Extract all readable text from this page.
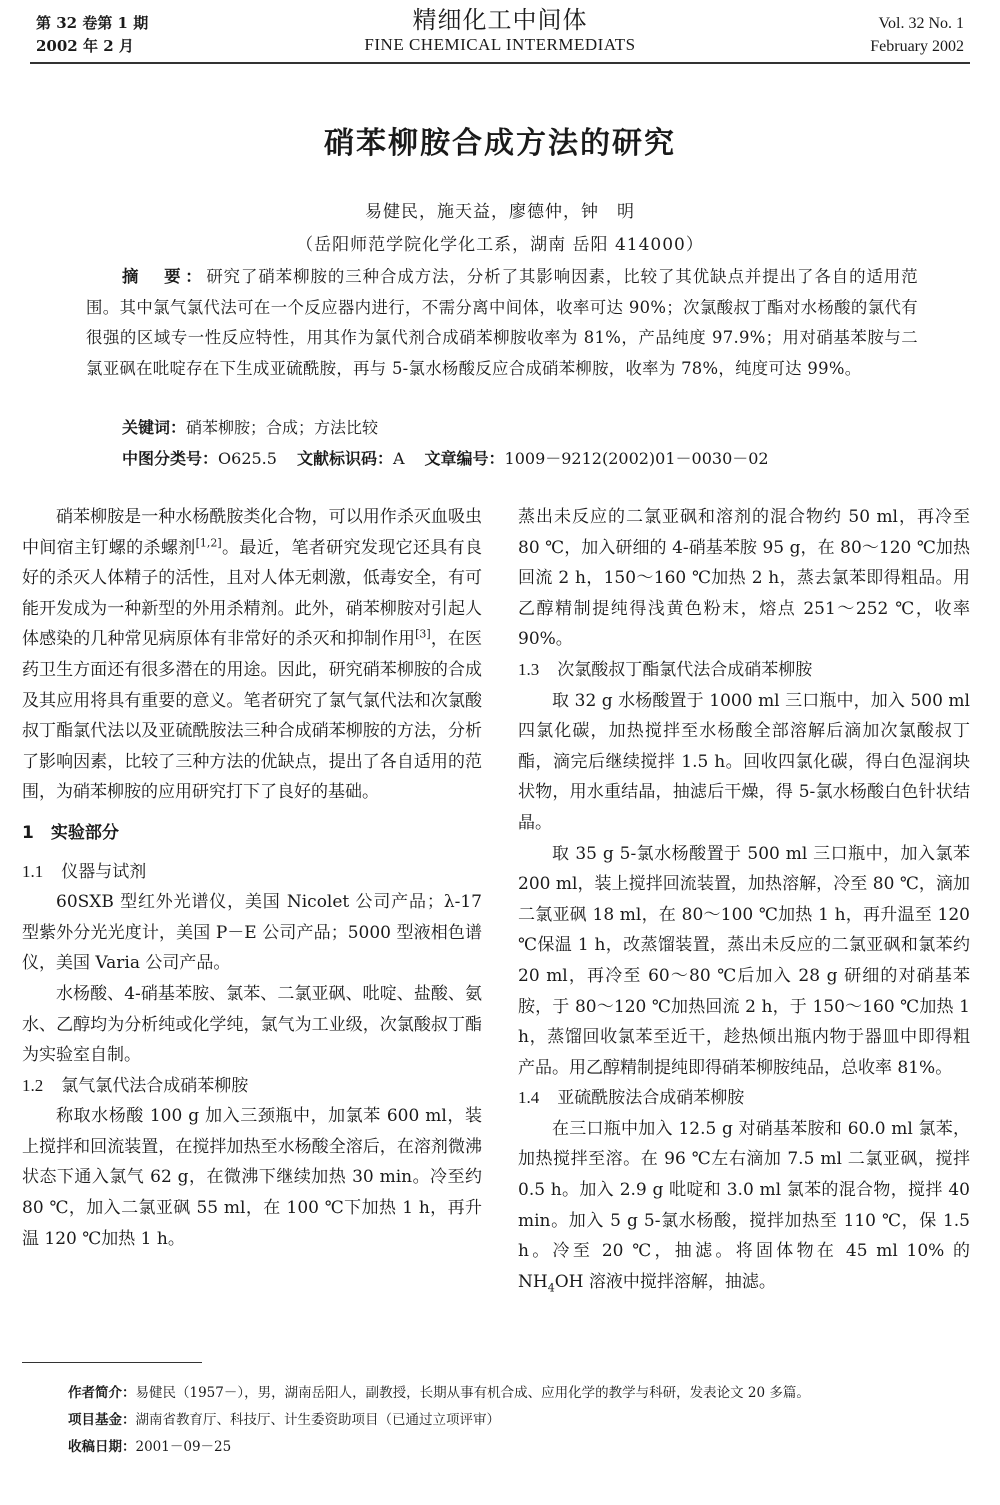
第 32 卷第 1 期
2002 年 2 月
精细化工中间体
FINE CHEMICAL INTERMEDIATS
Vol. 32 No. 1
February 2002
硝苯柳胺合成方法的研究
易健民，施天益，廖德仲，钟　明
（岳阳师范学院化学化工系，湖南 岳阳 414000）
摘　要：研究了硝苯柳胺的三种合成方法，分析了其影响因素，比较了其优缺点并提出了各自的适用范围。其中氯气氯代法可在一个反应器内进行，不需分离中间体，收率可达 90%；次氯酸叔丁酯对水杨酸的氯代有很强的区域专一性反应特性，用其作为氯代剂合成硝苯柳胺收率为 81%，产品纯度 97.9%；用对硝基苯胺与二氯亚砜在吡啶存在下生成亚硫酰胺，再与 5-氯水杨酸反应合成硝苯柳胺，收率为 78%，纯度可达 99%。
关键词：硝苯柳胺；合成；方法比较
中图分类号：O625.5 文献标识码：A 文章编号：1009－9212(2002)01－0030－02

硝苯柳胺是一种水杨酰胺类化合物，可以用作杀灭血吸虫中间宿主钉螺的杀螺剂[1,2]。最近，笔者研究发现它还具有良好的杀灭人体精子的活性，且对人体无刺激，低毒安全，有可能开发成为一种新型的外用杀精剂。此外，硝苯柳胺对引起人体感染的几种常见病原体有非常好的杀灭和抑制作用[3]，在医药卫生方面还有很多潜在的用途。因此，研究硝苯柳胺的合成及其应用将具有重要的意义。笔者研究了氯气氯代法和次氯酸叔丁酯氯代法以及亚硫酰胺法三种合成硝苯柳胺的方法，分析了影响因素，比较了三种方法的优缺点，提出了各自适用的范围，为硝苯柳胺的应用研究打下了良好的基础。

1　实验部分
1.1 仪器与试剂

60SXB 型红外光谱仪，美国 Nicolet 公司产品；λ-17 型紫外分光光度计，美国 P－E 公司产品；5000 型液相色谱仪，美国 Varia 公司产品。

水杨酸、4-硝基苯胺、氯苯、二氯亚砜、吡啶、盐酸、氨水、乙醇均为分析纯或化学纯，氯气为工业级，次氯酸叔丁酯为实验室自制。

1.2 氯气氯代法合成硝苯柳胺

称取水杨酸 100 g 加入三颈瓶中，加氯苯 600 ml，装上搅拌和回流装置，在搅拌加热至水杨酸全溶后，在溶剂微沸状态下通入氯气 62 g，在微沸下继续加热 30 min。冷至约 80 ℃，加入二氯亚砜 55 ml，在 100 ℃下加热 1 h，再升温 120 ℃加热 1 h。

蒸出未反应的二氯亚砜和溶剂的混合物约 50 ml，再冷至 80 ℃，加入研细的 4-硝基苯胺 95 g，在 80～120 ℃加热回流 2 h，150～160 ℃加热 2 h，蒸去氯苯即得粗品。用乙醇精制提纯得浅黄色粉末，熔点 251～252 ℃，收率 90%。

1.3 次氯酸叔丁酯氯代法合成硝苯柳胺

取 32 g 水杨酸置于 1000 ml 三口瓶中，加入 500 ml 四氯化碳，加热搅拌至水杨酸全部溶解后滴加次氯酸叔丁酯，滴完后继续搅拌 1.5 h。回收四氯化碳，得白色湿润块状物，用水重结晶，抽滤后干燥，得 5-氯水杨酸白色针状结晶。

取 35 g 5-氯水杨酸置于 500 ml 三口瓶中，加入氯苯 200 ml，装上搅拌回流装置，加热溶解，冷至 80 ℃，滴加二氯亚砜 18 ml，在 80～100 ℃加热 1 h，再升温至 120 ℃保温 1 h，改蒸馏装置，蒸出未反应的二氯亚砜和氯苯约 20 ml，再冷至 60～80 ℃后加入 28 g 研细的对硝基苯胺，于 80～120 ℃加热回流 2 h，于 150～160 ℃加热 1 h，蒸馏回收氯苯至近干，趁热倾出瓶内物于器皿中即得粗产品。用乙醇精制提纯即得硝苯柳胺纯品，总收率 81%。

1.4 亚硫酰胺法合成硝苯柳胺

在三口瓶中加入 12.5 g 对硝基苯胺和 60.0 ml 氯苯，加热搅拌至溶。在 96 ℃左右滴加 7.5 ml 二氯亚砜，搅拌 0.5 h。加入 2.9 g 吡啶和 3.0 ml 氯苯的混合物，搅拌 40 min。加入 5 g 5-氯水杨酸，搅拌加热至 110 ℃，保 1.5 h。冷至 20 ℃，抽滤。将固体物在 45 ml 10% 的 $NH_4OH$ 溶液中搅拌溶解，抽滤。

作者简介：易健民（1957－），男，湖南岳阳人，副教授，长期从事有机合成、应用化学的教学与科研，发表论文 20 多篇。
项目基金：湖南省教育厅、科技厅、计生委资助项目（已通过立项评审）
收稿日期：2001－09－25
